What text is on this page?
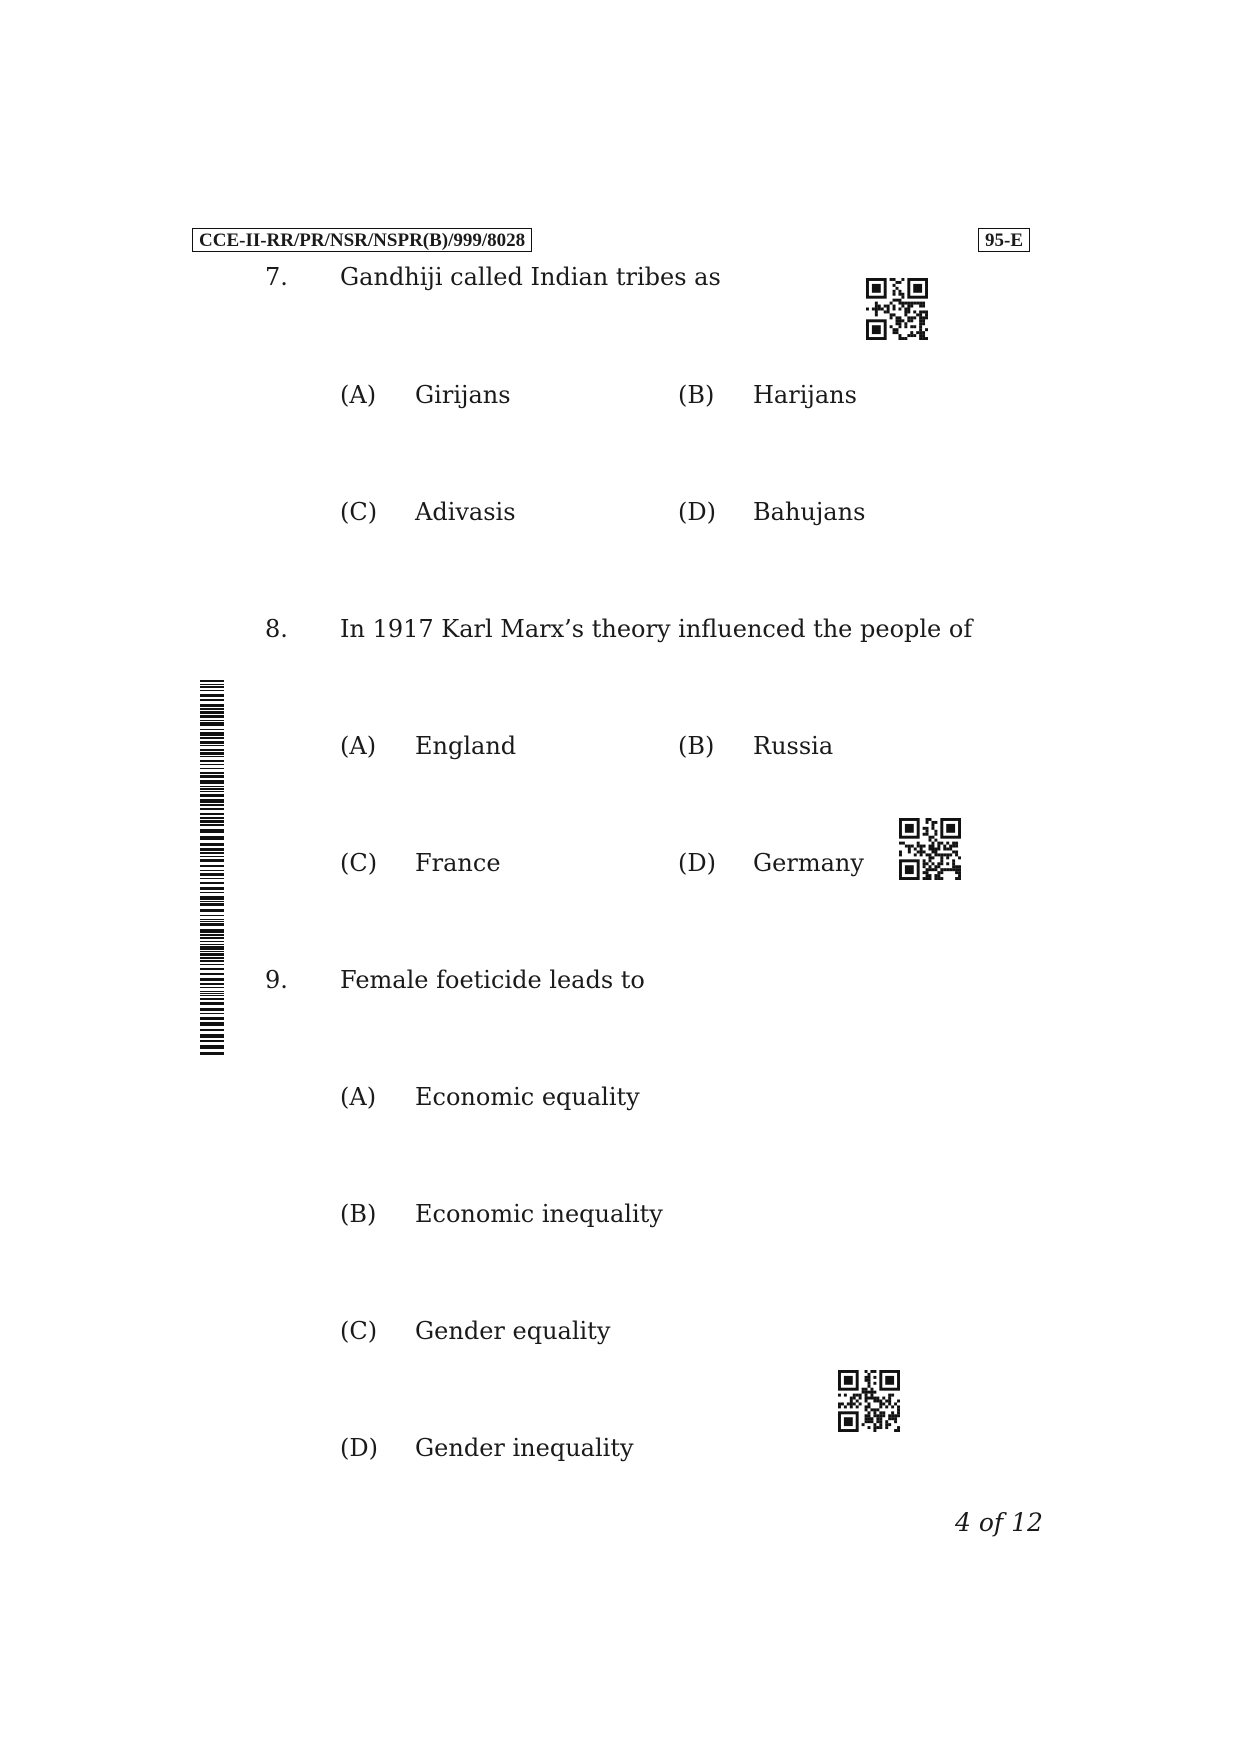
CCE-II-RR/PR/NSR/NSPR(B)/999/8028	95-E
7. Gandhiji called Indian tribes as
(A) Girijans	(B) Harijans
(C) Adivasis	(D) Bahujans
8. In 1917 Karl Marx’s theory influenced the people of
(A) England	(B) Russia
(C) France	(D) Germany
9. Female foeticide leads to
(A) Economic equality
(B) Economic inequality
(C) Gender equality
(D) Gender inequality
4 of 12
